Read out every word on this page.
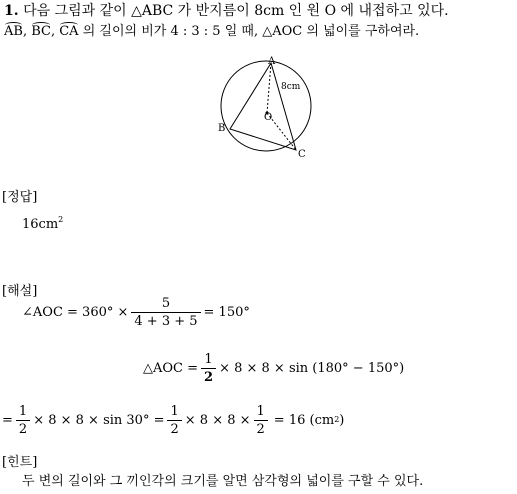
1. 다음 그림과 같이 △ABC 가 반지름이 8cm 인 원 O 에 내접하고 있다.
AB, BC, CA 의 길이의 비가 4 : 3 : 5 일 때, △AOC 의 넓이를 구하여라.
A
B
C
O
8cm
[정답]
$16cm^2$
[해설]
∠AOC = $360^\circ \times \frac{5}{4 + 3 + 5} = 150^\circ$
△AOC = $\frac{1}{2} \times 8 \times 8 \times \sin (180^\circ - 150^\circ)$
= $\frac{1}{2} \times 8 \times 8 \times \sin 30^\circ = \frac{1}{2} \times 8 \times 8 \times \frac{1}{2} = 16$ (cm 2 )
[힌트]
두 변의 길이와 그 끼인각의 크기를 알면 삼각형의 넓이를 구할 수 있다.
